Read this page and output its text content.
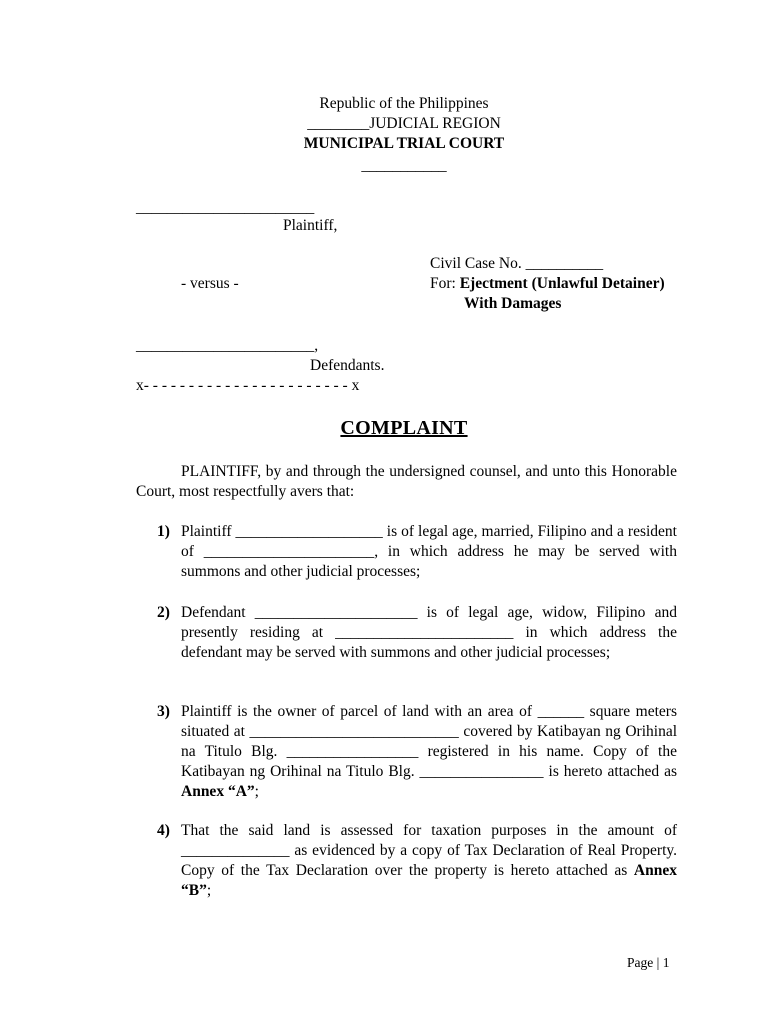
Republic of the Philippines
________JUDICIAL REGION
MUNICIPAL TRIAL COURT
___________
_______________________
Plaintiff,
Civil Case No. __________
- versus -	For: Ejectment (Unlawful Detainer)
With Damages
_______________________,
Defendants.
x- - - - - - - - - - - - - - - - - - - - - - - x
COMPLAINT
PLAINTIFF, by and through the undersigned counsel, and unto this Honorable Court, most respectfully avers that:
1) Plaintiff ___________________ is of legal age, married, Filipino and a resident of ______________________, in which address he may be served with summons and other judicial processes;
2) Defendant _____________________ is of legal age, widow, Filipino and presently residing at _______________________ in which address the defendant may be served with summons and other judicial processes;
3) Plaintiff is the owner of parcel of land with an area of ______ square meters situated at ___________________________ covered by Katibayan ng Orihinal na Titulo Blg. _________________ registered in his name. Copy of the Katibayan ng Orihinal na Titulo Blg. ________________ is hereto attached as Annex “A”;
4) That the said land is assessed for taxation purposes in the amount of ______________ as evidenced by a copy of Tax Declaration of Real Property. Copy of the Tax Declaration over the property is hereto attached as Annex “B”;
Page | 1
